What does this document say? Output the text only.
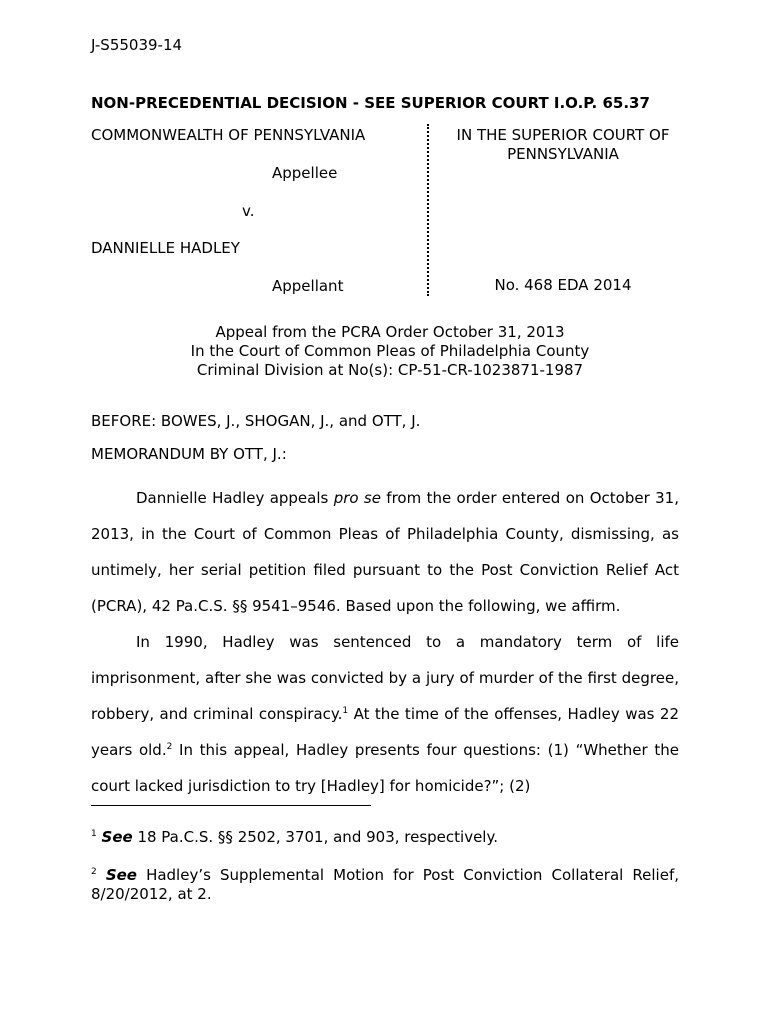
J-S55039-14
NON-PRECEDENTIAL DECISION - SEE SUPERIOR COURT I.O.P. 65.37
COMMONWEALTH OF PENNSYLVANIA
Appellee
v.
DANNIELLE HADLEY
Appellant
IN THE SUPERIOR COURT OF PENNSYLVANIA
No. 468 EDA 2014
Appeal from the PCRA Order October 31, 2013
In the Court of Common Pleas of Philadelphia County
Criminal Division at No(s): CP-51-CR-1023871-1987
BEFORE: BOWES, J., SHOGAN, J., and OTT, J.
MEMORANDUM BY OTT, J.:

Dannielle Hadley appeals pro se from the order entered on October 31, 2013, in the Court of Common Pleas of Philadelphia County, dismissing, as untimely, her serial petition filed pursuant to the Post Conviction Relief Act (PCRA), 42 Pa.C.S. §§ 9541–9546. Based upon the following, we affirm.

In 1990, Hadley was sentenced to a mandatory term of life imprisonment, after she was convicted by a jury of murder of the first degree, robbery, and criminal conspiracy.$^1$ At the time of the offenses, Hadley was 22 years old.$^2$ In this appeal, Hadley presents four questions: (1) “Whether the court lacked jurisdiction to try [Hadley] for homicide?”; (2)

$^1$ See 18 Pa.C.S. §§ 2502, 3701, and 903, respectively.
$^2$ See Hadley’s Supplemental Motion for Post Conviction Collateral Relief, 8/20/2012, at 2.
